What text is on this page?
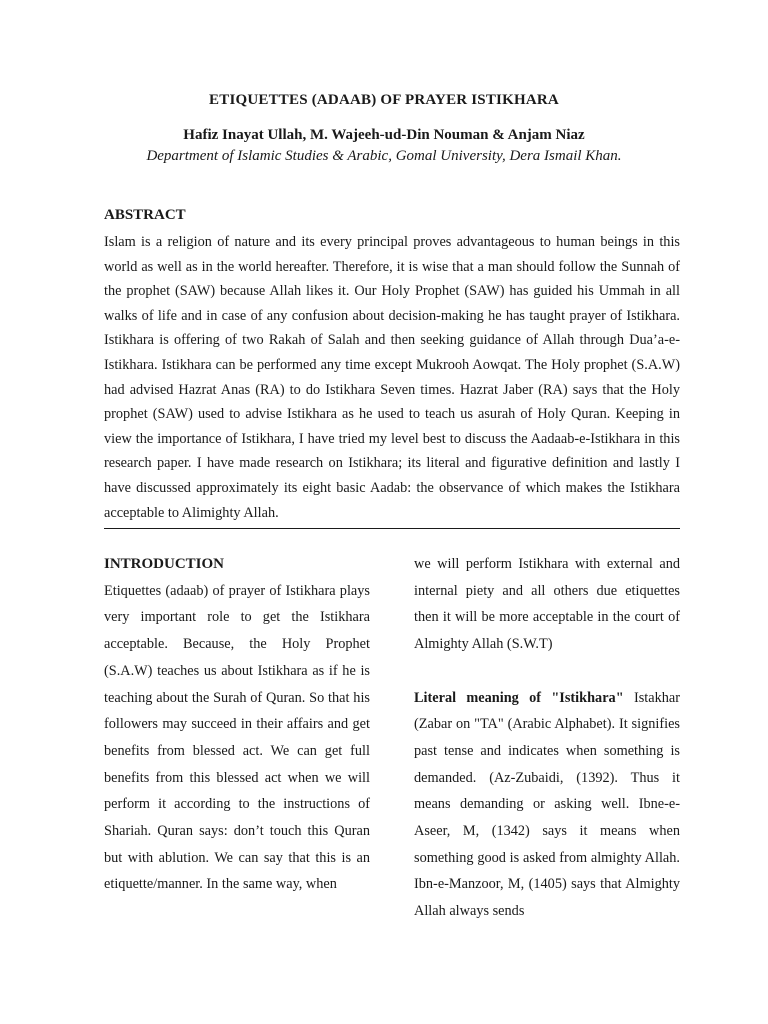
ETIQUETTES (ADAAB) OF PRAYER ISTIKHARA
Hafiz Inayat Ullah, M. Wajeeh-ud-Din Nouman & Anjam Niaz
Department of Islamic Studies & Arabic, Gomal University, Dera Ismail Khan.
ABSTRACT

Islam is a religion of nature and its every principal proves advantageous to human beings in this world as well as in the world hereafter. Therefore, it is wise that a man should follow the Sunnah of the prophet (SAW) because Allah likes it. Our Holy Prophet (SAW) has guided his Ummah in all walks of life and in case of any confusion about decision-making he has taught prayer of Istikhara. Istikhara is offering of two Rakah of Salah and then seeking guidance of Allah through Dua’a-e- Istikhara. Istikhara can be performed any time except Mukrooh Aowqat. The Holy prophet (S.A.W) had advised Hazrat Anas (RA) to do Istikhara Seven times. Hazrat Jaber (RA) says that the Holy prophet (SAW) used to advise Istikhara as he used to teach us asurah of Holy Quran. Keeping in view the importance of Istikhara, I have tried my level best to discuss the Aadaab-e-Istikhara in this research paper. I have made research on Istikhara; its literal and figurative definition and lastly I have discussed approximately its eight basic Aadab: the observance of which makes the Istikhara acceptable to Alimighty Allah.

INTRODUCTION

Etiquettes (adaab) of prayer of Istikhara plays very important role to get the Istikhara acceptable. Because, the Holy Prophet (S.A.W) teaches us about Istikhara as if he is teaching about the Surah of Quran. So that his followers may succeed in their affairs and get benefits from blessed act. We can get full benefits from this blessed act when we will perform it according to the instructions of Shariah. Quran says: don’t touch this Quran but with ablution. We can say that this is an etiquette/manner. In the same way, when

we will perform Istikhara with external and internal piety and all others due etiquettes then it will be more acceptable in the court of Almighty Allah (S.W.T)

Literal meaning of "Istikhara" Istakhar (Zabar on "TA" (Arabic Alphabet). It signifies past tense and indicates when something is demanded. (Az-Zubaidi, (1392). Thus it means demanding or asking well. Ibne-e-Aseer, M, (1342) says it means when something good is asked from almighty Allah. Ibn-e-Manzoor, M, (1405) says that Almighty Allah always sends
